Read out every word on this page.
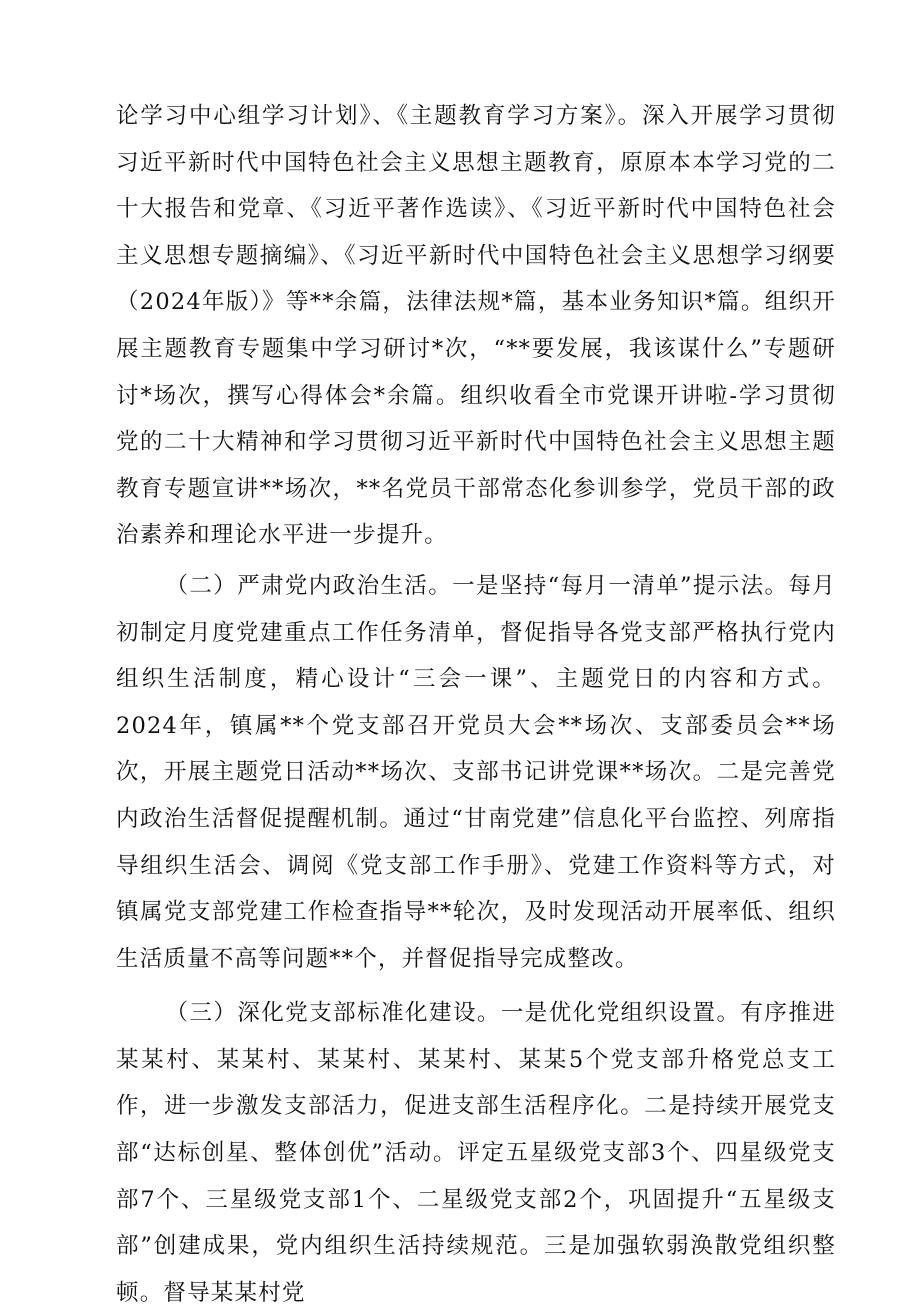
论学习中心组学习计划》、《主题教育学习方案》。深入开展学习贯彻习近平新时代中国特色社会主义思想主题教育，原原本本学习党的二十大报告和党章、《习近平著作选读》、《习近平新时代中国特色社会主义思想专题摘编》、《习近平新时代中国特色社会主义思想学习纲要（2024年版）》等**余篇，法律法规*篇，基本业务知识*篇。组织开展主题教育专题集中学习研讨*次，“**要发展，我该谋什么”专题研讨*场次，撰写心得体会*余篇。组织收看全市党课开讲啦-学习贯彻党的二十大精神和学习贯彻习近平新时代中国特色社会主义思想主题教育专题宣讲**场次，**名党员干部常态化参训参学，党员干部的政治素养和理论水平进一步提升。

（二）严肃党内政治生活。一是坚持“每月一清单”提示法。每月初制定月度党建重点工作任务清单，督促指导各党支部严格执行党内组织生活制度，精心设计“三会一课”、主题党日的内容和方式。2024年，镇属**个党支部召开党员大会**场次、支部委员会**场次，开展主题党日活动**场次、支部书记讲党课**场次。二是完善党内政治生活督促提醒机制。通过“甘南党建”信息化平台监控、列席指导组织生活会、调阅《党支部工作手册》、党建工作资料等方式，对镇属党支部党建工作检查指导**轮次，及时发现活动开展率低、组织生活质量不高等问题**个，并督促指导完成整改。

（三）深化党支部标准化建设。一是优化党组织设置。有序推进某某村、某某村、某某村、某某村、某某5个党支部升格党总支工作，进一步激发支部活力，促进支部生活程序化。二是持续开展党支部“达标创星、整体创优”活动。评定五星级党支部3个、四星级党支部7个、三星级党支部1个、二星级党支部2个，巩固提升“五星级支部”创建成果，党内组织生活持续规范。三是加强软弱涣散党组织整顿。督导某某村党
